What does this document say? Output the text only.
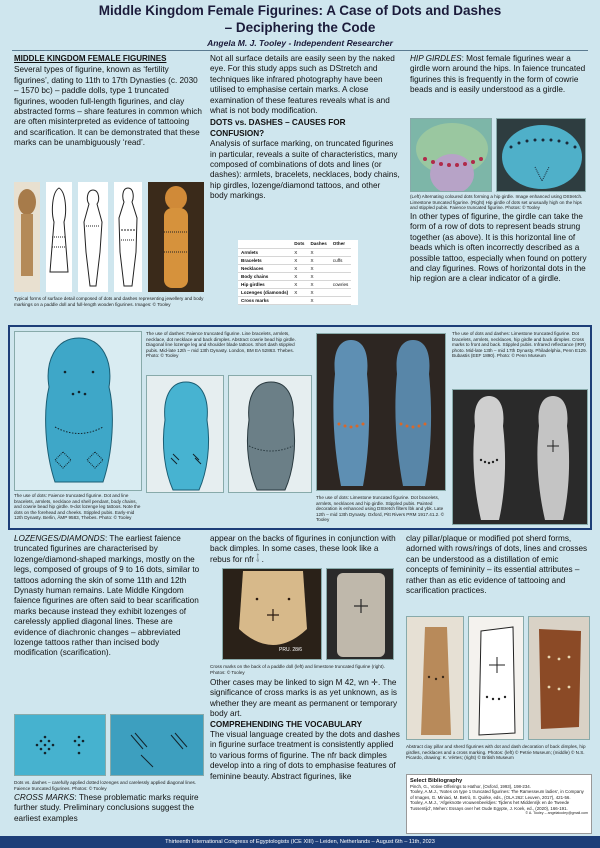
Middle Kingdom Female Figurines: A Case of Dots and Dashes
– Deciphering the Code
Angela M. J. Tooley - Independent Researcher
MIDDLE KINGDOM FEMALE FIGURINES
Several types of figurine, known as ‘fertility figurines’, dating to 11th to 17th Dynasties (c. 2030 – 1570 bc) – paddle dolls, type 1 truncated figurines, wooden full-length figurines, and clay abstracted forms – share features in common which are often misinterpreted as evidence of tattooing and scarification. It can be demonstrated that these marks can be unambiguously ‘read’.
Typical forms of surface detail composed of dots and dashes representing jewellery and body markings on a paddle doll and full-length wooden figurines. Images: © Tooley
Not all surface details are easily seen by the naked eye. For this study apps such as DStretch and techniques like infrared photography have been utilised to emphasise certain marks. A close examination of these features reveals what is and what is not body modification.
DOTS vs. DASHES – CAUSES FOR CONFUSION?
Analysis of surface marking, on truncated figurines in particular, reveals a suite of characteristics, many composed of combinations of dots and lines (or dashes): armlets, bracelets, necklaces, body chains, hip girdles, lozenge/diamond tattoos, and other body markings.
	Dots	Dashes	Other
Armlets	X	X	
Bracelets	X	X	cuffs
Necklaces	X	X	
Body chains	X	X	
Hip girdles	X	X	cowries
Lozenges (diamonds)	X	X	
Cross marks		X	
HIP GIRDLES: Most female figurines wear a girdle worn around the hips. In faience truncated figurines this is frequently in the form of cowrie beads and is easily understood as a girdle.
(Left) Alternating coloured dots forming a hip girdle. Image enhanced using DStretch. Limestone truncated figurine. (Right) Hip girdle of dots set unusually high on the hips and stippled pubis. Faience truncated figurine. Photos: © Tooley
In other types of figurine, the girdle can take the form of a row of dots to represent beads strung together (as above). It is this horizontal line of beads which is often incorrectly described as a possible tattoo, especially when found on pottery and clay figurines. Rows of horizontal dots in the hip region are a clear indicator of a girdle.
The use of dots: Faience truncated figurine. Dot and line bracelets, armlets, necklace and shell pendant, body chains, and cowrie bead hip girdle. 9-dot lozenge leg tattoos. Note the dots on the forehead and cheeks. Stippled pubis. Early-mid 12th Dynasty. Berlin, ÄMP 9583, Thebes. Photo: © Tooley
The use of dashes: Faience truncated figurine. Line bracelets, armlets, necklace, dot necklace and back dimples. Abstract cowrie bead hip girdle. Diagonal line lozenge leg and shoulder blade tattoos. Short dash stippled pubis. Mid-late 12th – mid 13th Dynasty. London, BM EA 52863. Thebes. Photo: © Tooley
The use of dots: Limestone truncated figurine. Dot bracelets, armlets, necklaces and hip girdle. Stippled pubis. Painted decoration is enhanced using DStretch filters lbk and ybk. Late 12th – mid 13th Dynasty. Oxford, Pitt Rivers PRM 1917.41.2. © Tooley
The use of dots and dashes: Limestone truncated figurine. Dot bracelets, armlets, necklaces, hip girdle and back dimples. Cross marks to front and back. Stippled pubis. Infrared reflectance (IRR) photo. Mid-late 13th – mid 17th Dynasty. Philadelphia, Penn E129. Bubastis (EEF 1890). Photo: © Penn Museum
LOZENGES/DIAMONDS: The earliest faience truncated figurines are characterised by lozenge/diamond-shaped markings, mostly on the legs, composed of groups of 9 to 16 dots, similar to tattoos adorning the skin of some 11th and 12th Dynasty human remains. Late Middle Kingdom faience figurines are often said to bear scarification marks because instead they exhibit lozenges of carelessly applied diagonal lines. These are evidence of diachronic changes – abbreviated lozenge tattoos rather than incised body modification (scarification).
Dots vs. dashes – carefully applied dotted lozenges and carelessly applied diagonal lines. Faience truncated figurines. Photos: © Tooley
CROSS MARKS: These problematic marks require further study. Preliminary conclusions suggest the earliest examples
appear on the backs of figurines in conjunction with back dimples. In some cases, these look like a rebus for nfr 𓄤 .
PRU. 28/6
Cross marks on the back of a paddle doll (left) and limestone truncated figurine (right). Photos: © Tooley
Other cases may be linked to sign M 42, wn ✛. The significance of cross marks is as yet unknown, as is whether they are meant as permanent or temporary body art.
COMPREHENDING THE VOCABULARY
The visual language created by the dots and dashes in figurine surface treatment is consistently applied to various forms of figurine. The nfr back dimples develop into a ring of dots to emphasise features of feminine beauty. Abstract figurines, like
clay pillar/plaque or modified pot sherd forms, adorned with rows/rings of dots, lines and crosses can be understood as a distillation of emic concepts of femininity – its essential attributes – rather than as etic evidence of tattooing and scarification practices.
Abstract clay pillar and sherd figurines with dot and dash decoration of back dimples, hip girdles, necklaces and a cross marking. Photos: (left) © Petrie Museum; (middle) © N.S. Picardo, drawing: K. Vértes; (right) © British Museum
Select Bibliography
Pinch, G., Votive Offerings to Hathor, (Oxford, 1993), 198-234.
Tooley, A.M.J., ‘Notes on type 1 truncated figurines: The Ramesseum ladies’, in Company of Images, G. Miniaci, M. Betrò, S. Quirke, eds., (OLA 262: Leuven, 2017), 421-56.
Tooley, A.M.J., ‘Afgeknotte vrouwenbeeldjes: Tijdens het Middenrijk en de Tweede Tussentijd’, Mehen: Essays over het Oude Egypte, J. Koek, ed., (2020), 166-191.
© A. Tooley – angelatooley@gmail.com
Thirteenth International Congress of Egyptologists (ICE XIII) – Leiden, Netherlands – August 6th – 11th, 2023
